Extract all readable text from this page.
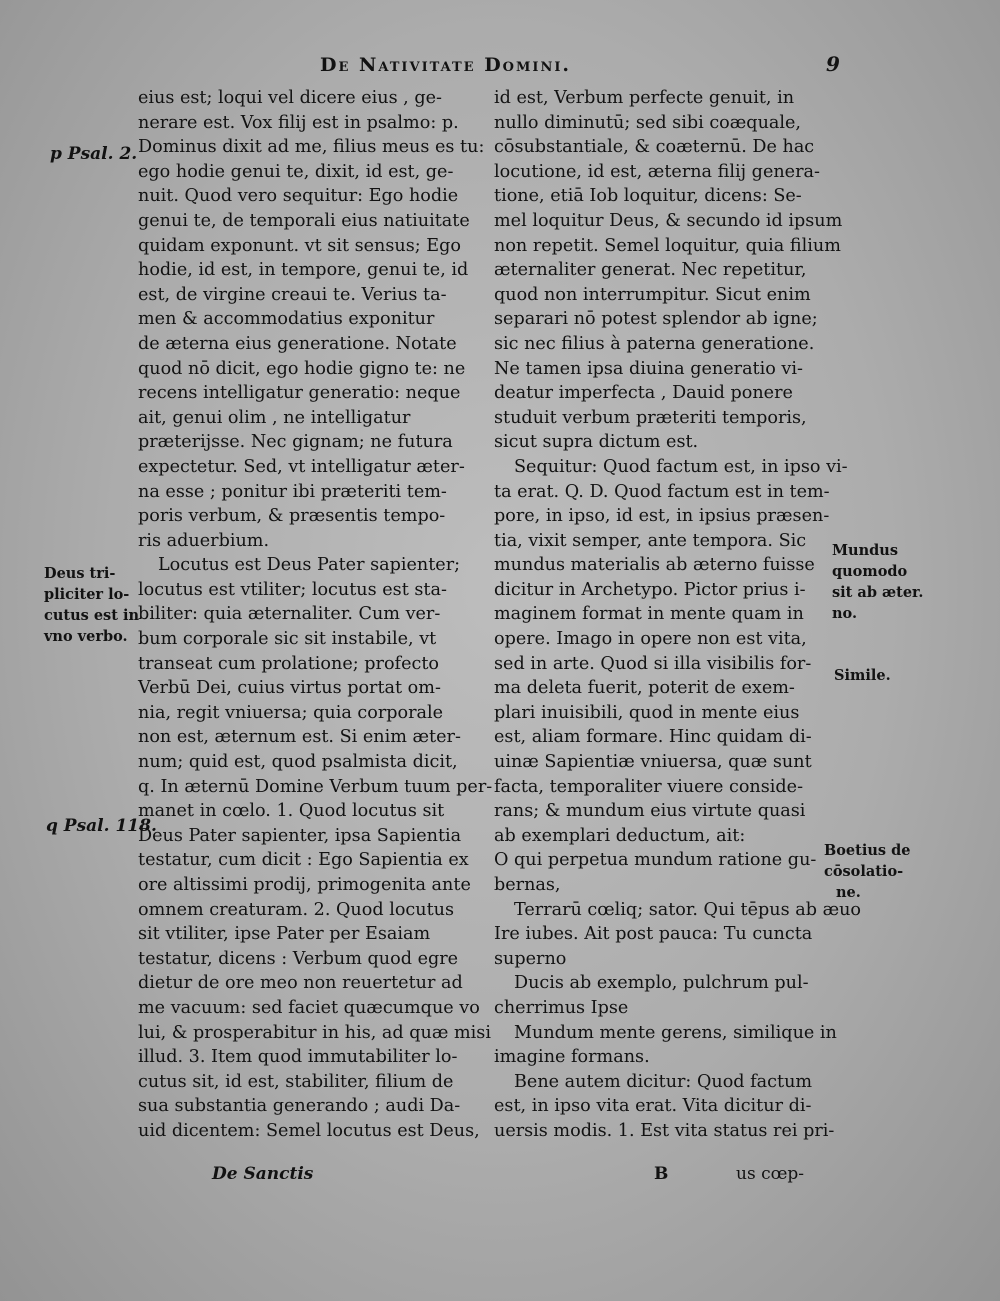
De Nativitate Domini.	9
eius est; loqui vel dicere eius , ge-
nerare est. Vox filij est in psalmo: p.
Dominus dixit ad me, filius meus es tu:
ego hodie genui te, dixit, id est, ge-
nuit. Quod vero sequitur: Ego hodie
genui te, de temporali eius natiuitate
quidam exponunt. vt sit sensus; Ego
hodie, id est, in tempore, genui te, id
est, de virgine creaui te. Verius ta-
men & accommodatius exponitur
de æterna eius generatione. Notate
quod nō dicit, ego hodie gigno te: ne
recens intelligatur generatio: neque
ait, genui olim , ne intelligatur
præterijsse. Nec gignam; ne futura
expectetur. Sed, vt intelligatur æter-
na esse ; ponitur ibi præteriti tem-
poris verbum, & præsentis tempo-
ris aduerbium.
Locutus est Deus Pater sapienter;
locutus est vtiliter; locutus est sta-
biliter: quia æternaliter. Cum ver-
bum corporale sic sit instabile, vt
transeat cum prolatione; profecto
Verbū Dei, cuius virtus portat om-
nia, regit vniuersa; quia corporale
non est, æternum est. Si enim æter-
num; quid est, quod psalmista dicit,
q. In æternū Domine Verbum tuum per-
manet in cœlo. 1. Quod locutus sit
Deus Pater sapienter, ipsa Sapientia
testatur, cum dicit : Ego Sapientia ex
ore altissimi prodij, primogenita ante
omnem creaturam. 2. Quod locutus
sit vtiliter, ipse Pater per Esaiam
testatur, dicens : Verbum quod egre
dietur de ore meo non reuertetur ad
me vacuum: sed faciet quæcumque vo
lui, & prosperabitur in his, ad quæ misi
illud. 3. Item quod immutabiliter lo-
cutus sit, id est, stabiliter, filium de
sua substantia generando ; audi Da-
uid dicentem: Semel locutus est Deus,
id est, Verbum perfecte genuit, in
nullo diminutū; sed sibi coæquale,
cōsubstantiale, & coæternū. De hac
locutione, id est, æterna filij genera-
tione, etiā Iob loquitur, dicens: Se-
mel loquitur Deus, & secundo id ipsum
non repetit. Semel loquitur, quia filium
æternaliter generat. Nec repetitur,
quod non interrumpitur. Sicut enim
separari nō potest splendor ab igne;
sic nec filius à paterna generatione.
Ne tamen ipsa diuina generatio vi-
deatur imperfecta , Dauid ponere
studuit verbum præteriti temporis,
sicut supra dictum est.
Sequitur: Quod factum est, in ipso vi-
ta erat. Q. D. Quod factum est in tem-
pore, in ipso, id est, in ipsius præsen-
tia, vixit semper, ante tempora. Sic
mundus materialis ab æterno fuisse
dicitur in Archetypo. Pictor prius i-
maginem format in mente quam in
opere. Imago in opere non est vita,
sed in arte. Quod si illa visibilis for-
ma deleta fuerit, poterit de exem-
plari inuisibili, quod in mente eius
est, aliam formare. Hinc quidam di-
uinæ Sapientiæ vniuersa, quæ sunt
facta, temporaliter viuere conside-
rans; & mundum eius virtute quasi
ab exemplari deductum, ait:
O qui perpetua mundum ratione gu-
bernas,
Terrarū cœliq; sator. Qui tēpus ab æuo
Ire iubes. Ait post pauca: Tu cuncta
superno
Ducis ab exemplo, pulchrum pul-
cherrimus Ipse
Mundum mente gerens, similique in
imagine formans.
Bene autem dicitur: Quod factum
est, in ipso vita erat. Vita dicitur di-
uersis modis. 1. Est vita status rei pri-
p Psal. 2.
Deus tri-
pliciter lo-
cutus est in
vno verbo.
q Psal. 118.
Mundus
quomodo
sit ab æter.
no.
Simile.
Boetius de
cōsolatio-
ne.
De Sanctis	B	us cœp-
